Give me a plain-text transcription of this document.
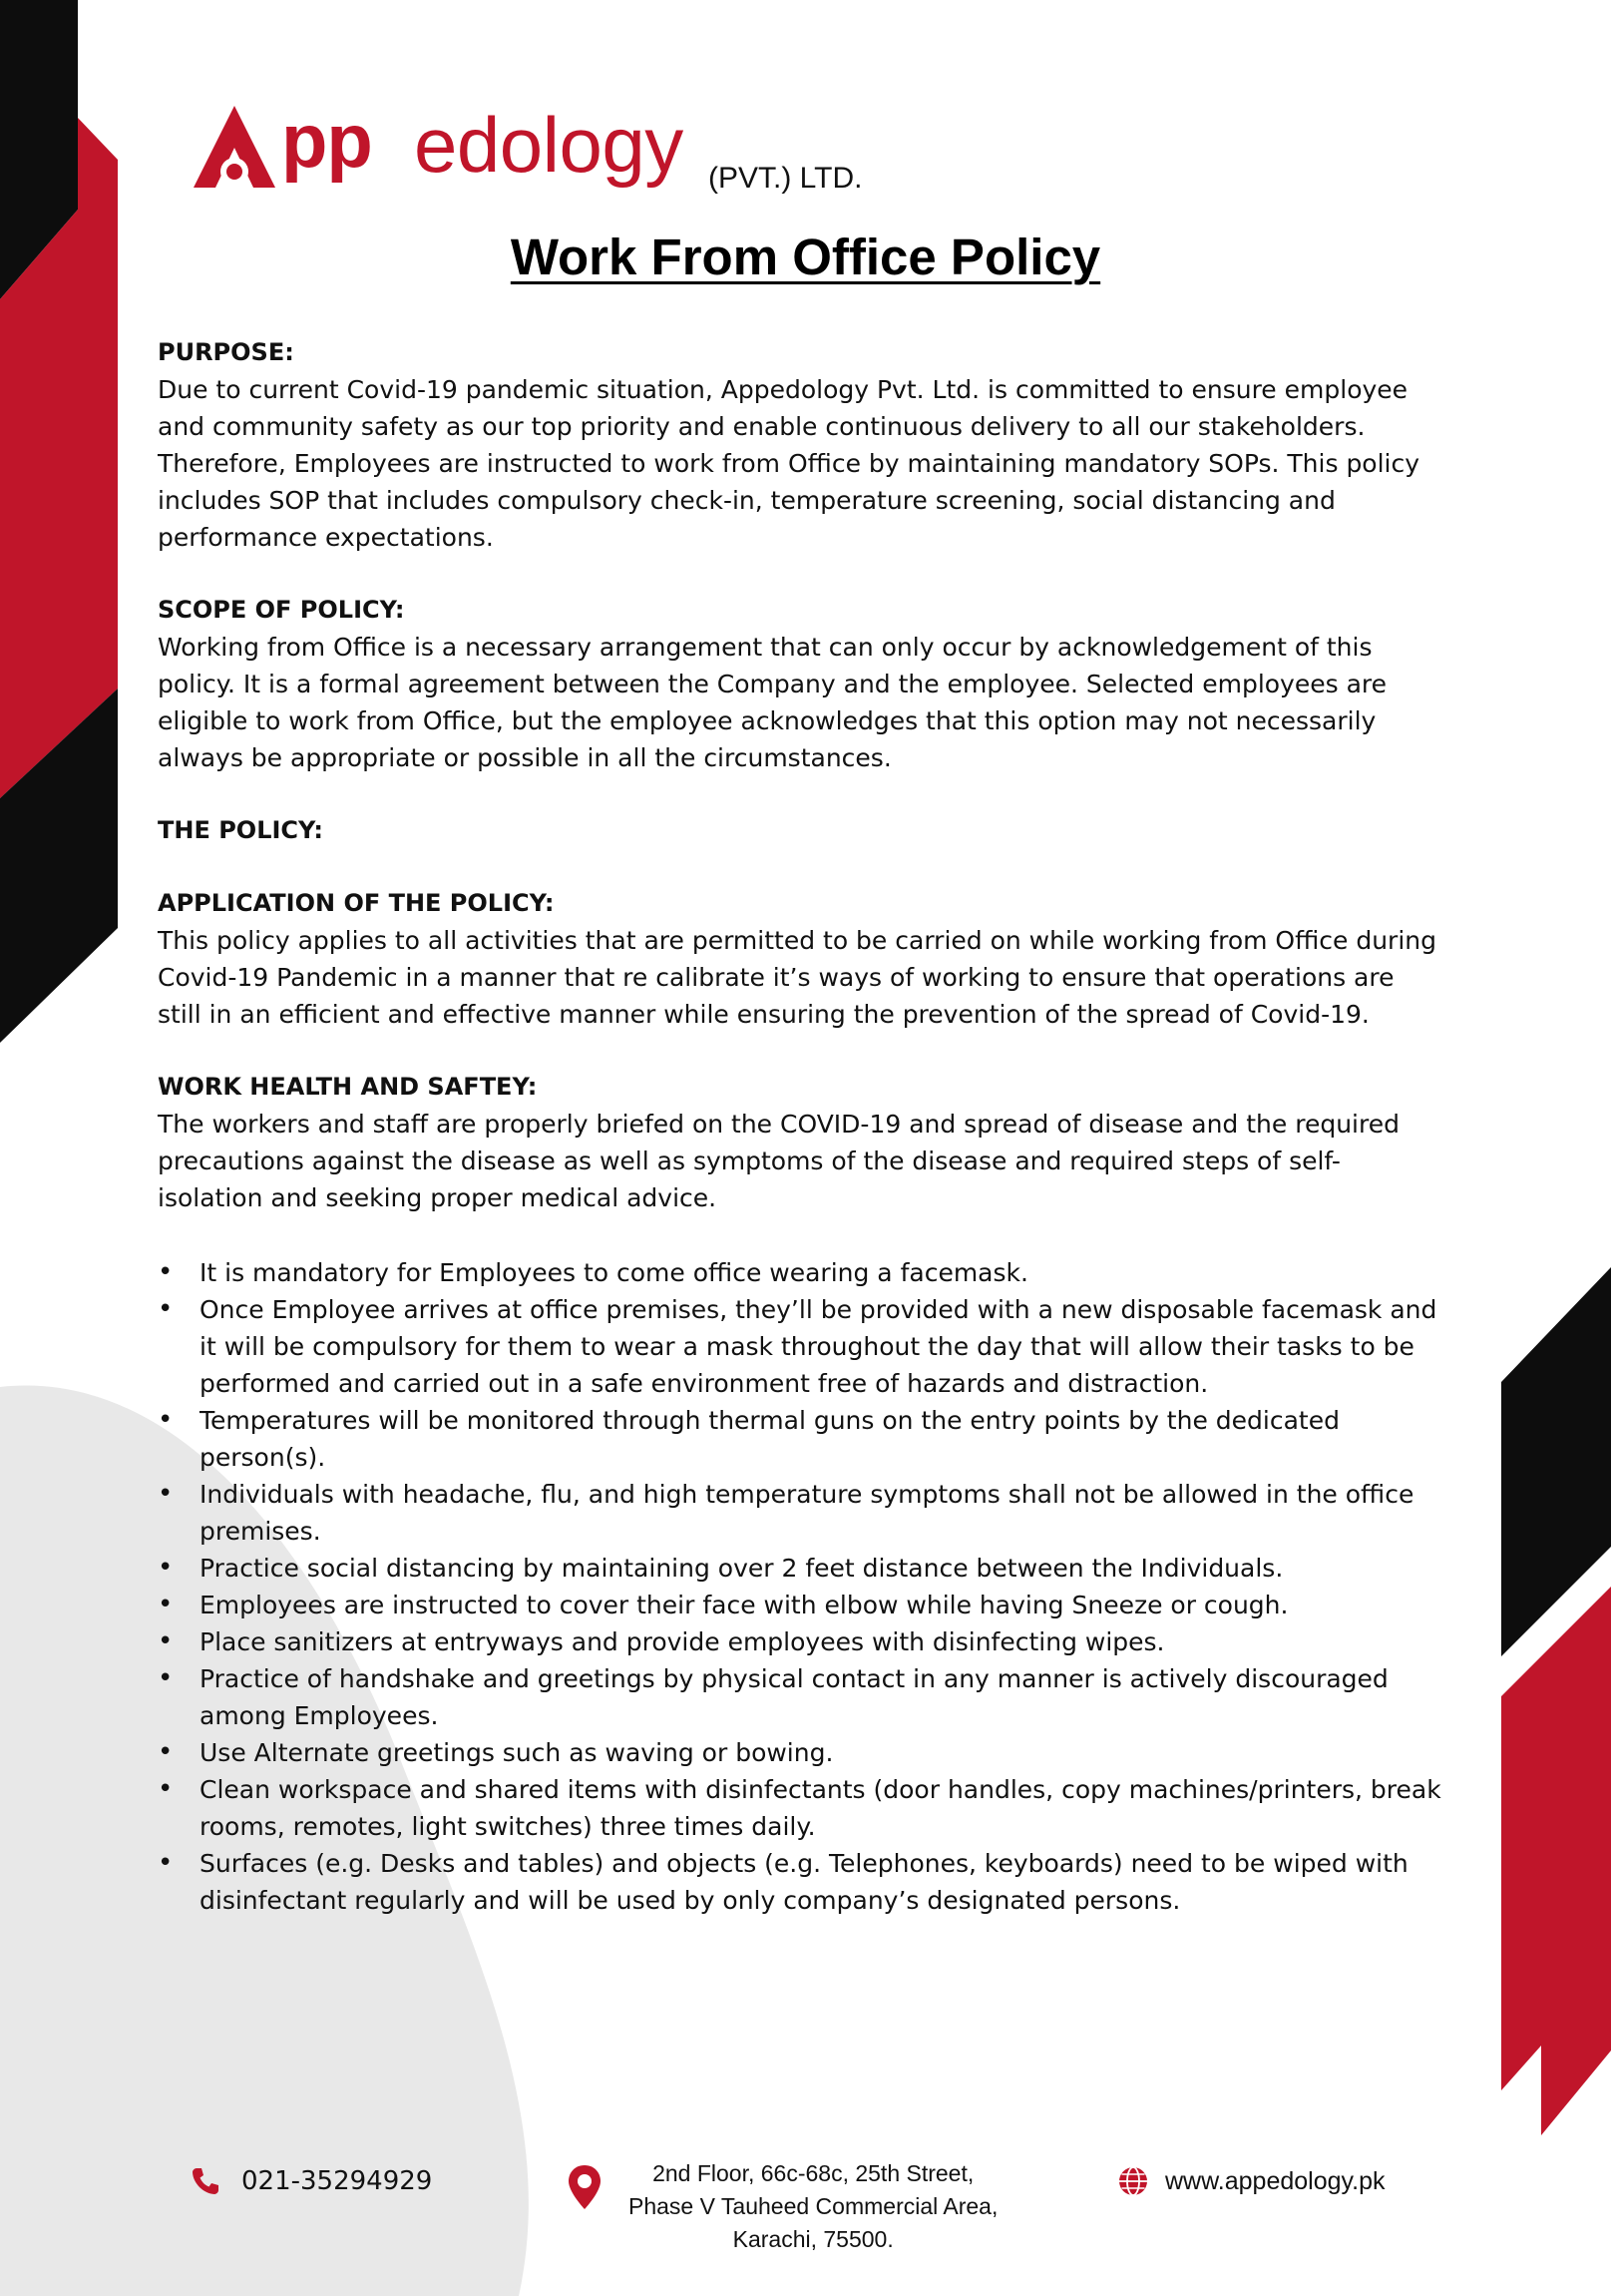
pp edology (PVT.) LTD.
Work From Office Policy

PURPOSE:

Due to current Covid-19 pandemic situation, Appedology Pvt. Ltd. is committed to ensure employee and community safety as our top priority and enable continuous delivery to all our stakeholders. Therefore, Employees are instructed to work from Office by maintaining mandatory SOPs. This policy includes SOP that includes compulsory check-in, temperature screening, social distancing and performance expectations.

SCOPE OF POLICY:

Working from Office is a necessary arrangement that can only occur by acknowledgement of this policy. It is a formal agreement between the Company and the employee. Selected employees are eligible to work from Office, but the employee acknowledges that this option may not necessarily always be appropriate or possible in all the circumstances.

THE POLICY:

APPLICATION OF THE POLICY:

This policy applies to all activities that are permitted to be carried on while working from Office during Covid-19 Pandemic in a manner that re calibrate it’s ways of working to ensure that operations are still in an efficient and effective manner while ensuring the prevention of the spread of Covid-19.

WORK HEALTH AND SAFTEY:

The workers and staff are properly briefed on the COVID-19 and spread of disease and the required precautions against the disease as well as symptoms of the disease and required steps of self- isolation and seeking proper medical advice.

• It is mandatory for Employees to come office wearing a facemask.
• Once Employee arrives at office premises, they’ll be provided with a new disposable facemask and it will be compulsory for them to wear a mask throughout the day that will allow their tasks to be performed and carried out in a safe environment free of hazards and distraction.
• Temperatures will be monitored through thermal guns on the entry points by the dedicated person(s).
• Individuals with headache, flu, and high temperature symptoms shall not be allowed in the office premises.
• Practice social distancing by maintaining over 2 feet distance between the Individuals.
• Employees are instructed to cover their face with elbow while having Sneeze or cough.
• Place sanitizers at entryways and provide employees with disinfecting wipes.
• Practice of handshake and greetings by physical contact in any manner is actively discouraged among Employees.
• Use Alternate greetings such as waving or bowing.
• Clean workspace and shared items with disinfectants (door handles, copy machines/printers, break rooms, remotes, light switches) three times daily.
• Surfaces (e.g. Desks and tables) and objects (e.g. Telephones, keyboards) need to be wiped with disinfectant regularly and will be used by only company’s designated persons.
021-35294929	2nd Floor, 66c-68c, 25th Street,
Phase V Tauheed Commercial Area,
Karachi, 75500.
www.appedology.pk
